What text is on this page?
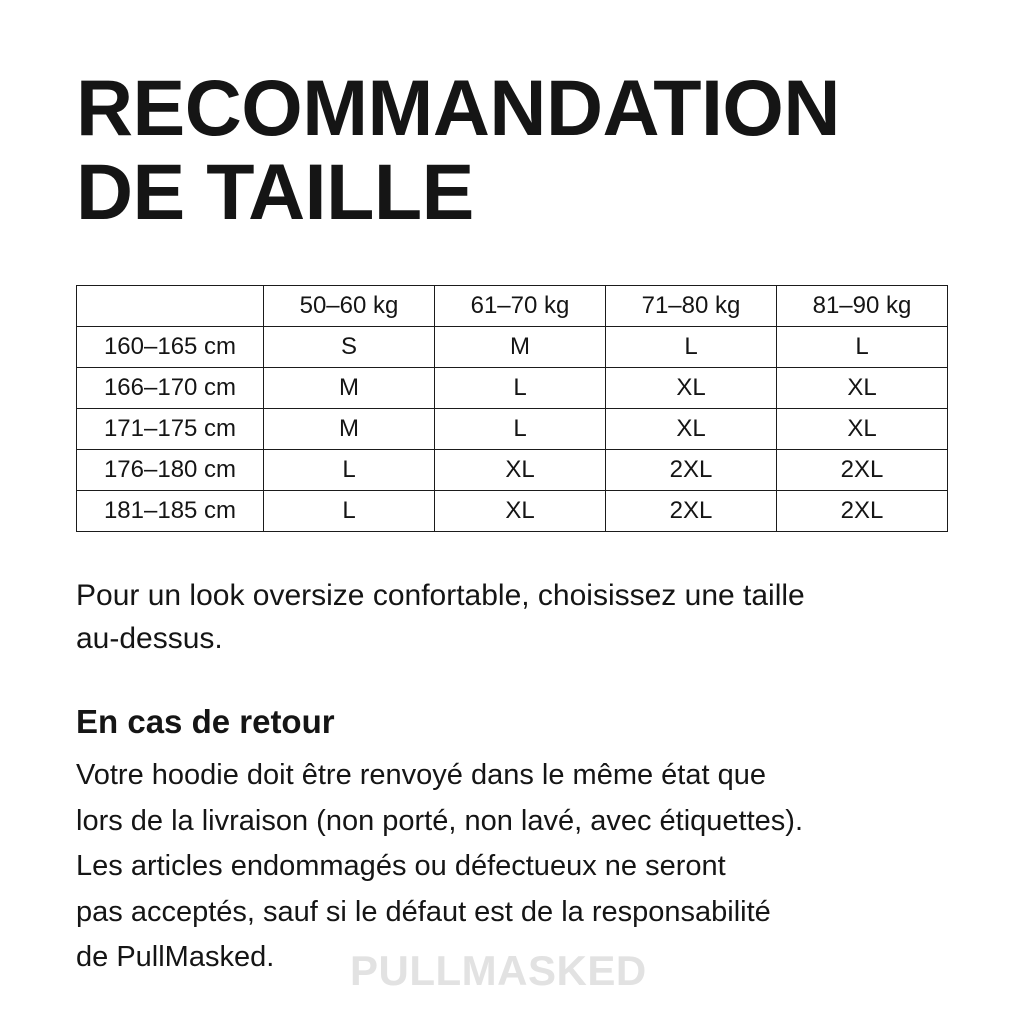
RECOMMANDATION
DE TAILLE
	50–60 kg	61–70 kg	71–80 kg	81–90 kg
160–165 cm	S	M	L	L
166–170 cm	M	L	XL	XL
171–175 cm	M	L	XL	XL
176–180 cm	L	XL	2XL	2XL
181–185 cm	L	XL	2XL	2XL

Pour un look oversize confortable, choisissez une taille
au-dessus.

En cas de retour

Votre hoodie doit être renvoyé dans le même état que
lors de la livraison (non porté, non lavé, avec étiquettes).
Les articles endommagés ou défectueux ne seront
pas acceptés, sauf si le défaut est de la responsabilité
de PullMasked.	PULLMASKED
